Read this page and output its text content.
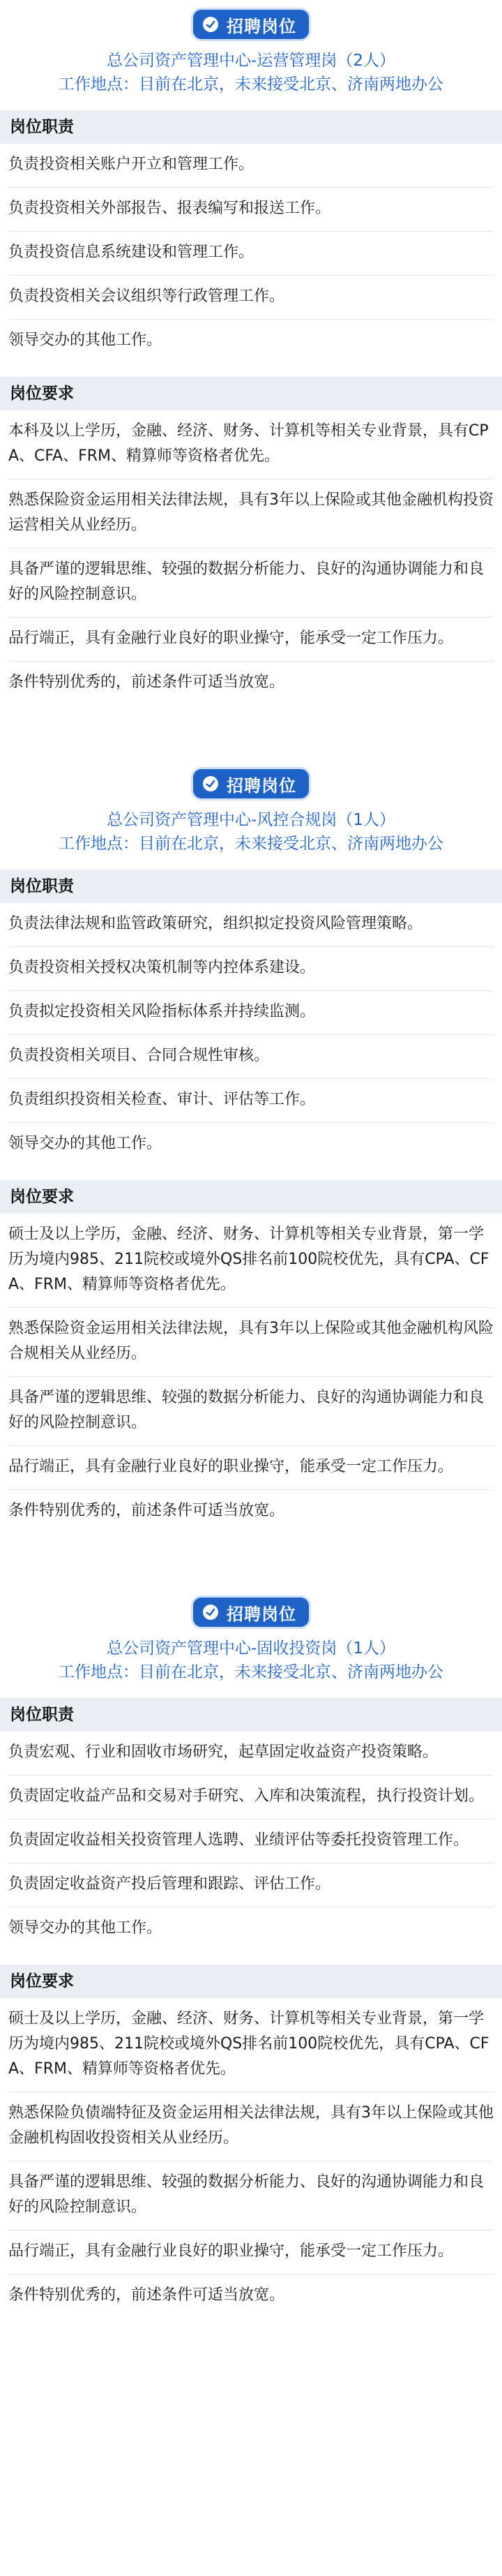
招聘岗位
总公司资产管理中心-运营管理岗（2人）
工作地点：目前在北京，未来接受北京、济南两地办公
岗位职责
负责投资相关账户开立和管理工作。
负责投资相关外部报告、报表编写和报送工作。
负责投资信息系统建设和管理工作。
负责投资相关会议组织等行政管理工作。
领导交办的其他工作。
岗位要求
本科及以上学历，金融、经济、财务、计算机等相关专业背景，具有CPA、CFA、FRM、精算师等资格者优先。
熟悉保险资金运用相关法律法规，具有3年以上保险或其他金融机构投资运营相关从业经历。
具备严谨的逻辑思维、较强的数据分析能力、良好的沟通协调能力和良好的风险控制意识。
品行端正，具有金融行业良好的职业操守，能承受一定工作压力。
条件特别优秀的，前述条件可适当放宽。
招聘岗位
总公司资产管理中心-风控合规岗（1人）
工作地点：目前在北京，未来接受北京、济南两地办公
岗位职责
负责法律法规和监管政策研究，组织拟定投资风险管理策略。
负责投资相关授权决策机制等内控体系建设。
负责拟定投资相关风险指标体系并持续监测。
负责投资相关项目、合同合规性审核。
负责组织投资相关检查、审计、评估等工作。
领导交办的其他工作。
岗位要求
硕士及以上学历，金融、经济、财务、计算机等相关专业背景，第一学历为境内985、211院校或境外QS排名前100院校优先，具有CPA、CFA、FRM、精算师等资格者优先。
熟悉保险资金运用相关法律法规，具有3年以上保险或其他金融机构风险合规相关从业经历。
具备严谨的逻辑思维、较强的数据分析能力、良好的沟通协调能力和良好的风险控制意识。
品行端正，具有金融行业良好的职业操守，能承受一定工作压力。
条件特别优秀的，前述条件可适当放宽。
招聘岗位
总公司资产管理中心-固收投资岗（1人）
工作地点：目前在北京，未来接受北京、济南两地办公
岗位职责
负责宏观、行业和固收市场研究，起草固定收益资产投资策略。
负责固定收益产品和交易对手研究、入库和决策流程，执行投资计划。
负责固定收益相关投资管理人选聘、业绩评估等委托投资管理工作。
负责固定收益资产投后管理和跟踪、评估工作。
领导交办的其他工作。
岗位要求
硕士及以上学历，金融、经济、财务、计算机等相关专业背景，第一学历为境内985、211院校或境外QS排名前100院校优先，具有CPA、CFA、FRM、精算师等资格者优先。
熟悉保险负债端特征及资金运用相关法律法规，具有3年以上保险或其他金融机构固收投资相关从业经历。
具备严谨的逻辑思维、较强的数据分析能力、良好的沟通协调能力和良好的风险控制意识。
品行端正，具有金融行业良好的职业操守，能承受一定工作压力。
条件特别优秀的，前述条件可适当放宽。
